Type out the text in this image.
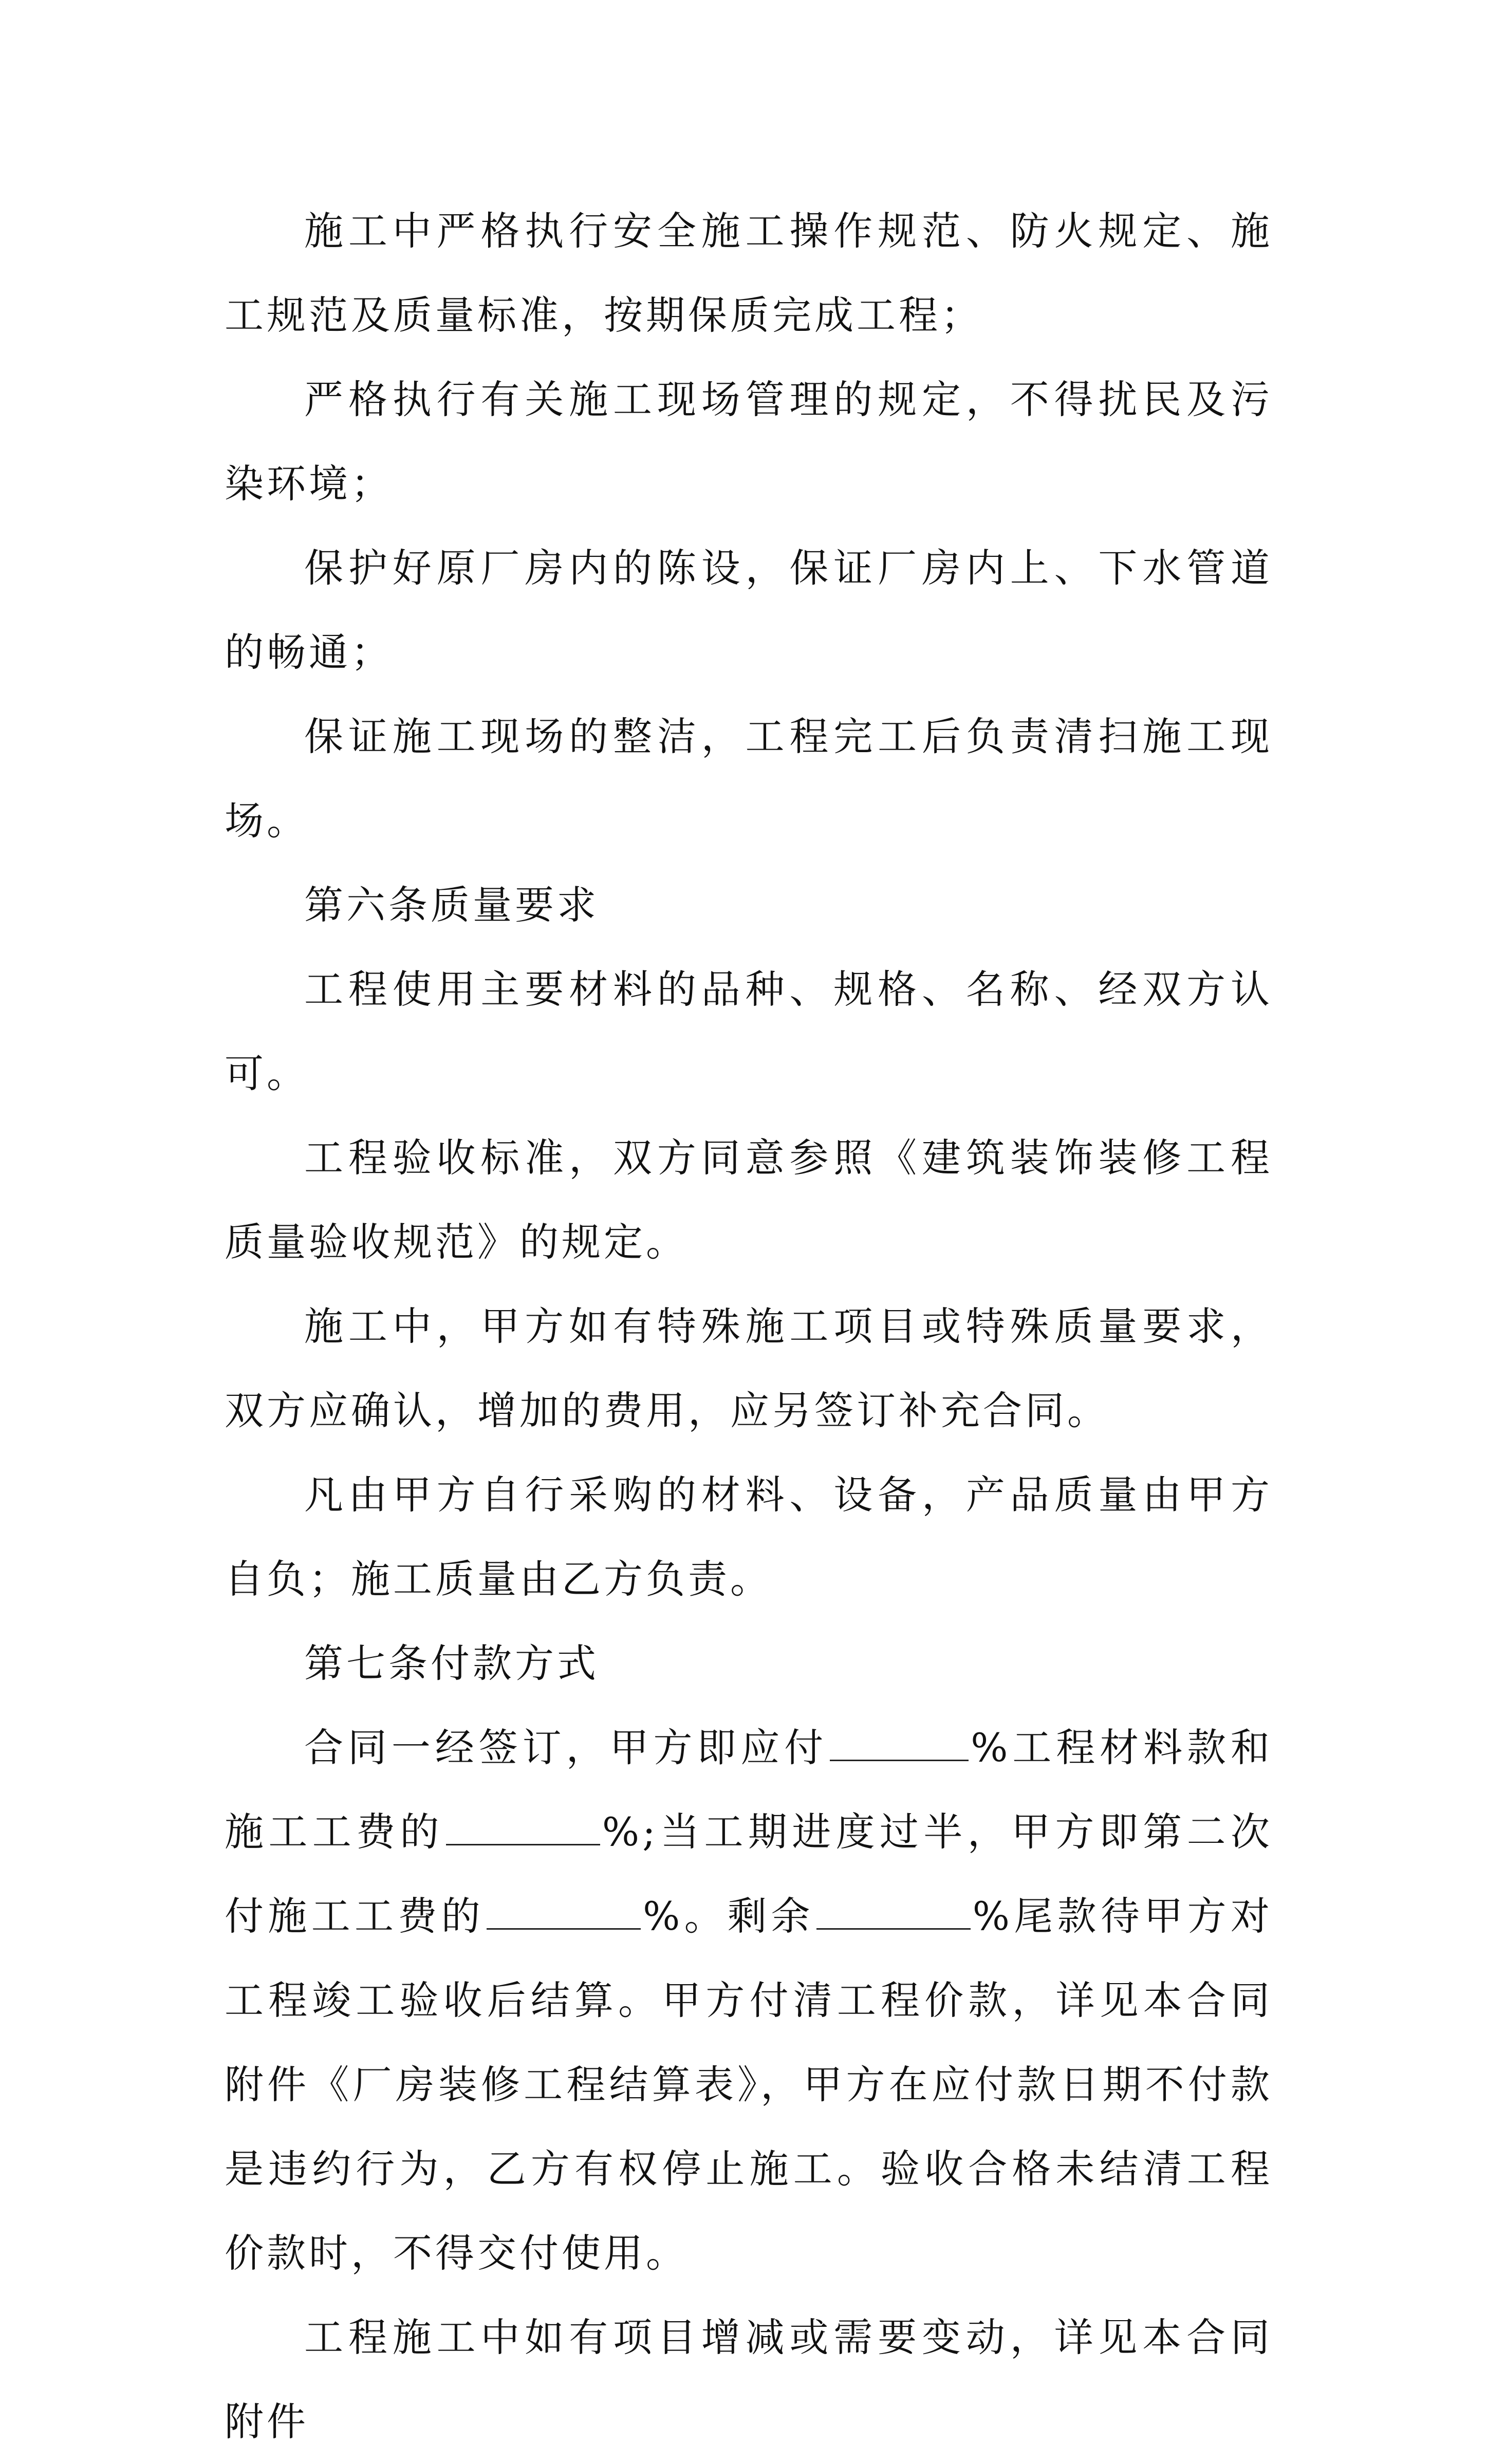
施工中严格执行安全施工操作规范、防火规定、施工规范及质量标准，按期保质完成工程；

严格执行有关施工现场管理的规定，不得扰民及污染环境；

保护好原厂房内的陈设，保证厂房内上、下水管道的畅通；

保证施工现场的整洁，工程完工后负责清扫施工现场。

第六条质量要求

工程使用主要材料的品种、规格、名称、经双方认可。

工程验收标准，双方同意参照《建筑装饰装修工程质量验收规范》的规定。

施工中，甲方如有特殊施工项目或特殊质量要求，双方应确认，增加的费用，应另签订补充合同。

凡由甲方自行采购的材料、设备，产品质量由甲方自负；施工质量由乙方负责。

第七条付款方式

合同一经签订，甲方即应付	%工程材料款和施工工费的	%;当工期进度过半，甲方即第二次付施工工费的	%。剩余	%尾款待甲方对工程竣工验收后结算。甲方付清工程价款，详见本合同附件《厂房装修工程结算表》，甲方在应付款日期不付款是违约行为，乙方有权停止施工。验收合格未结清工程价款时，不得交付使用。

工程施工中如有项目增减或需要变动，详见本合同附件
